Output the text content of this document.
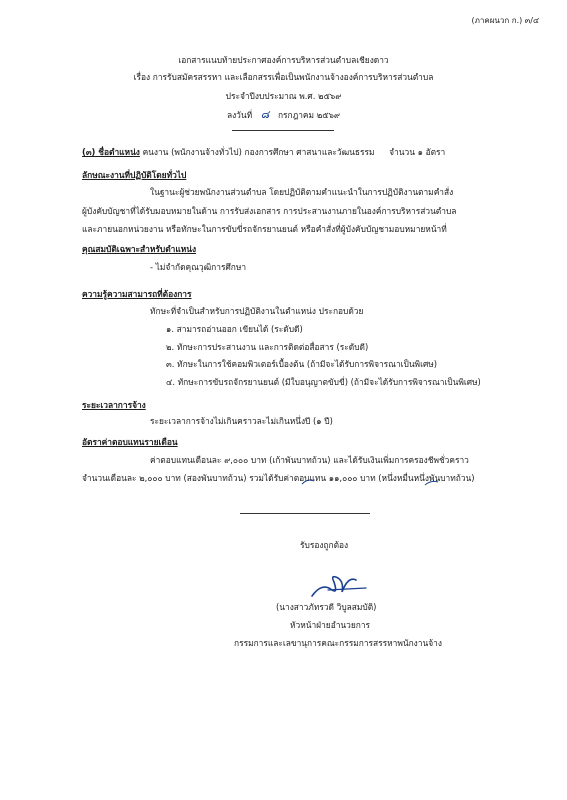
(ภาคผนวก ก.) ๓/๔
เอกสารแนบท้ายประกาศองค์การบริหารส่วนตำบลเชียงดาว
เรื่อง การรับสมัครสรรหา และเลือกสรรเพื่อเป็นพนักงานจ้างองค์การบริหารส่วนตำบล
ประจำปีงบประมาณ พ.ศ. ๒๕๖๙
ลงวันที่ ๘ กรกฎาคม ๒๕๖๙
(๓) ชื่อตำแหน่ง คนงาน (พนักงานจ้างทั่วไป) กองการศึกษา ศาสนาและวัฒนธรรม จำนวน ๑ อัตรา
ลักษณะงานที่ปฏิบัติโดยทั่วไป
ในฐานะผู้ช่วยพนักงานส่วนตำบล โดยปฏิบัติตามคำแนะนำในการปฏิบัติงานตามคำสั่ง
ผู้บังคับบัญชาที่ได้รับมอบหมายในด้าน การรับส่งเอกสาร การประสานงานภายในองค์การบริหารส่วนตำบล
และภายนอกหน่วยงาน หรือทักษะในการขับขี่รถจักรยานยนต์ หรือคำสั่งที่ผู้บังคับบัญชามอบหมายหน้าที่
คุณสมบัติเฉพาะสำหรับตำแหน่ง
- ไม่จำกัดคุณวุฒิการศึกษา
ความรู้ความสามารถที่ต้องการ
ทักษะที่จำเป็นสำหรับการปฏิบัติงานในตำแหน่ง ประกอบด้วย
๑. สามารถอ่านออก เขียนได้ (ระดับดี)
๒. ทักษะการประสานงาน และการติดต่อสื่อสาร (ระดับดี)
๓. ทักษะในการใช้คอมพิวเตอร์เบื้องต้น (ถ้ามีจะได้รับการพิจารณาเป็นพิเศษ)
๔. ทักษะการขับรถจักรยานยนต์ (มีใบอนุญาตขับขี่) (ถ้ามีจะได้รับการพิจารณาเป็นพิเศษ)
ระยะเวลาการจ้าง
ระยะเวลาการจ้างไม่เกินคราวละไม่เกินหนึ่งปี (๑ ปี)
อัตราค่าตอบแทนรายเดือน
ค่าตอบแทนเดือนละ ๙,๐๐๐ บาท (เก้าพันบาทถ้วน) และได้รับเงินเพิ่มการครองชีพชั่วคราว
จำนวนเดือนละ ๒,๐๐๐ บาท (สองพันบาทถ้วน) รวมได้รับค่าตอบแทน ๑๑,๐๐๐ บาท (หนึ่งหมื่นหนึ่งพันบาทถ้วน)
รับรองถูกต้อง
(นางสาวภัทรวดี วิบูลสมบัติ)
หัวหน้าฝ่ายอำนวยการ
กรรมการและเลขานุการคณะกรรมการสรรหาพนักงานจ้าง
